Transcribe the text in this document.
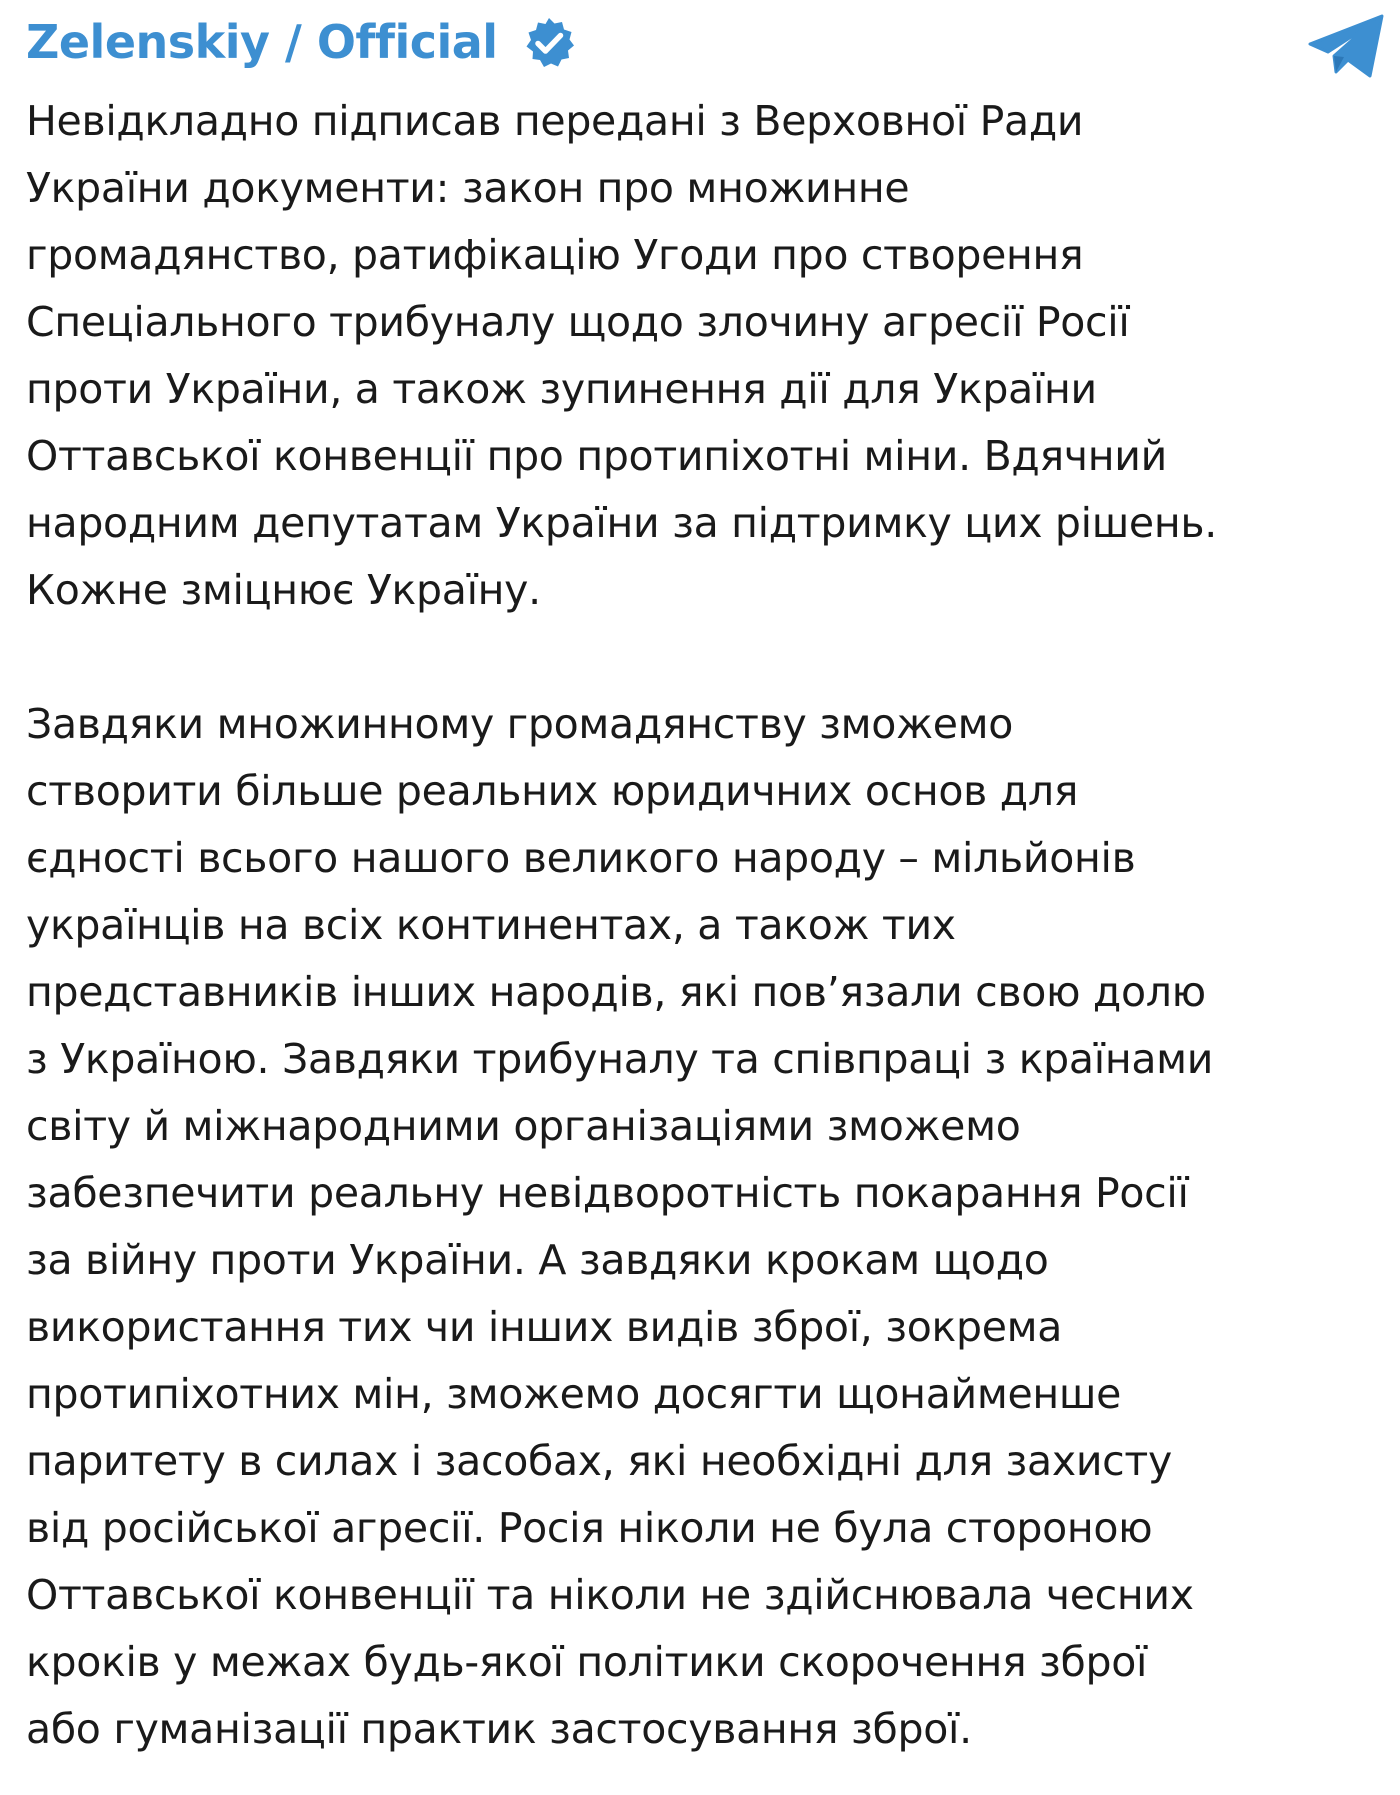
Zelenskiy / Official
Невідкладно підписав передані з Верховної Ради
України документи: закон про множинне
громадянство, ратифікацію Угоди про створення
Спеціального трибуналу щодо злочину агресії Росії
проти України, а також зупинення дії для України
Оттавської конвенції про протипіхотні міни. Вдячний
народним депутатам України за підтримку цих рішень.
Кожне зміцнює Україну.
Завдяки множинному громадянству зможемо
створити більше реальних юридичних основ для
єдності всього нашого великого народу – мільйонів
українців на всіх континентах, а також тих
представників інших народів, які пов’язали свою долю
з Україною. Завдяки трибуналу та співпраці з країнами
світу й міжнародними організаціями зможемо
забезпечити реальну невідворотність покарання Росії
за війну проти України. А завдяки крокам щодо
використання тих чи інших видів зброї, зокрема
протипіхотних мін, зможемо досягти щонайменше
паритету в силах і засобах, які необхідні для захисту
від російської агресії. Росія ніколи не була стороною
Оттавської конвенції та ніколи не здійснювала чесних
кроків у межах будь-якої політики скорочення зброї
або гуманізації практик застосування зброї.
